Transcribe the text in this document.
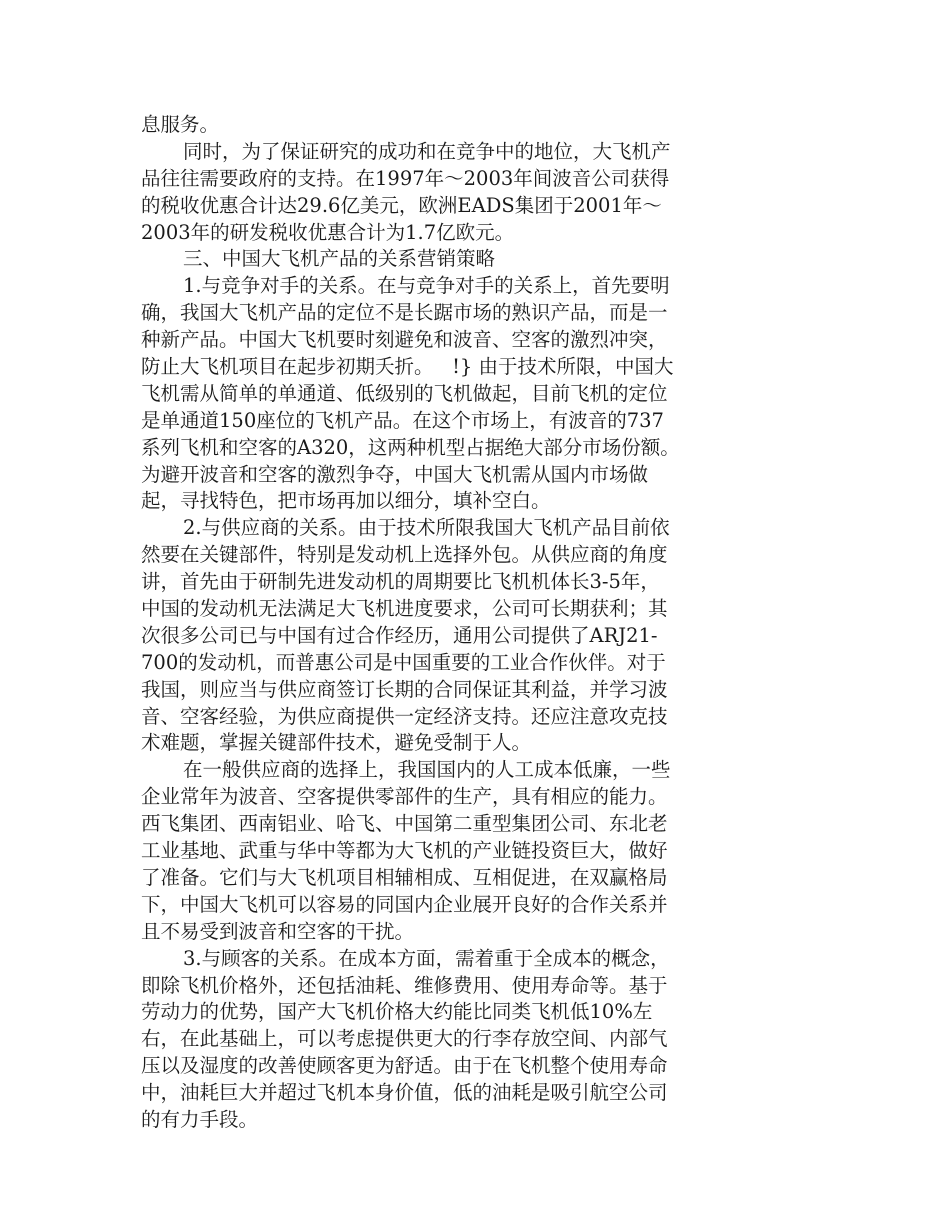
息服务。
同时，为了保证研究的成功和在竞争中的地位，大飞机产
品往往需要政府的支持。在1997年～2003年间波音公司获得
的税收优惠合计达29.6亿美元，欧洲EADS集团于2001年～
2003年的研发税收优惠合计为1.7亿欧元。
三、中国大飞机产品的关系营销策略
1.与竞争对手的关系。在与竞争对手的关系上，首先要明
确，我国大飞机产品的定位不是长踞市场的熟识产品，而是一
种新产品。中国大飞机要时刻避免和波音、空客的激烈冲突，
防止大飞机项目在起步初期夭折。   !} 由于技术所限，中国大
飞机需从简单的单通道、低级别的飞机做起，目前飞机的定位
是单通道150座位的飞机产品。在这个市场上，有波音的737
系列飞机和空客的A320，这两种机型占据绝大部分市场份额。
为避开波音和空客的激烈争夺，中国大飞机需从国内市场做
起，寻找特色，把市场再加以细分，填补空白。
2.与供应商的关系。由于技术所限我国大飞机产品目前依
然要在关键部件，特别是发动机上选择外包。从供应商的角度
讲，首先由于研制先进发动机的周期要比飞机机体长3-5年，
中国的发动机无法满足大飞机进度要求，公司可长期获利；其
次很多公司已与中国有过合作经历，通用公司提供了ARJ21-
700的发动机，而普惠公司是中国重要的工业合作伙伴。对于
我国，则应当与供应商签订长期的合同保证其利益，并学习波
音、空客经验，为供应商提供一定经济支持。还应注意攻克技
术难题，掌握关键部件技术，避免受制于人。
在一般供应商的选择上，我国国内的人工成本低廉，一些
企业常年为波音、空客提供零部件的生产，具有相应的能力。
西飞集团、西南铝业、哈飞、中国第二重型集团公司、东北老
工业基地、武重与华中等都为大飞机的产业链投资巨大，做好
了准备。它们与大飞机项目相辅相成、互相促进，在双赢格局
下，中国大飞机可以容易的同国内企业展开良好的合作关系并
且不易受到波音和空客的干扰。
3.与顾客的关系。在成本方面，需着重于全成本的概念，
即除飞机价格外，还包括油耗、维修费用、使用寿命等。基于
劳动力的优势，国产大飞机价格大约能比同类飞机低10%左
右，在此基础上，可以考虑提供更大的行李存放空间、内部气
压以及湿度的改善使顾客更为舒适。由于在飞机整个使用寿命
中，油耗巨大并超过飞机本身价值，低的油耗是吸引航空公司
的有力手段。
